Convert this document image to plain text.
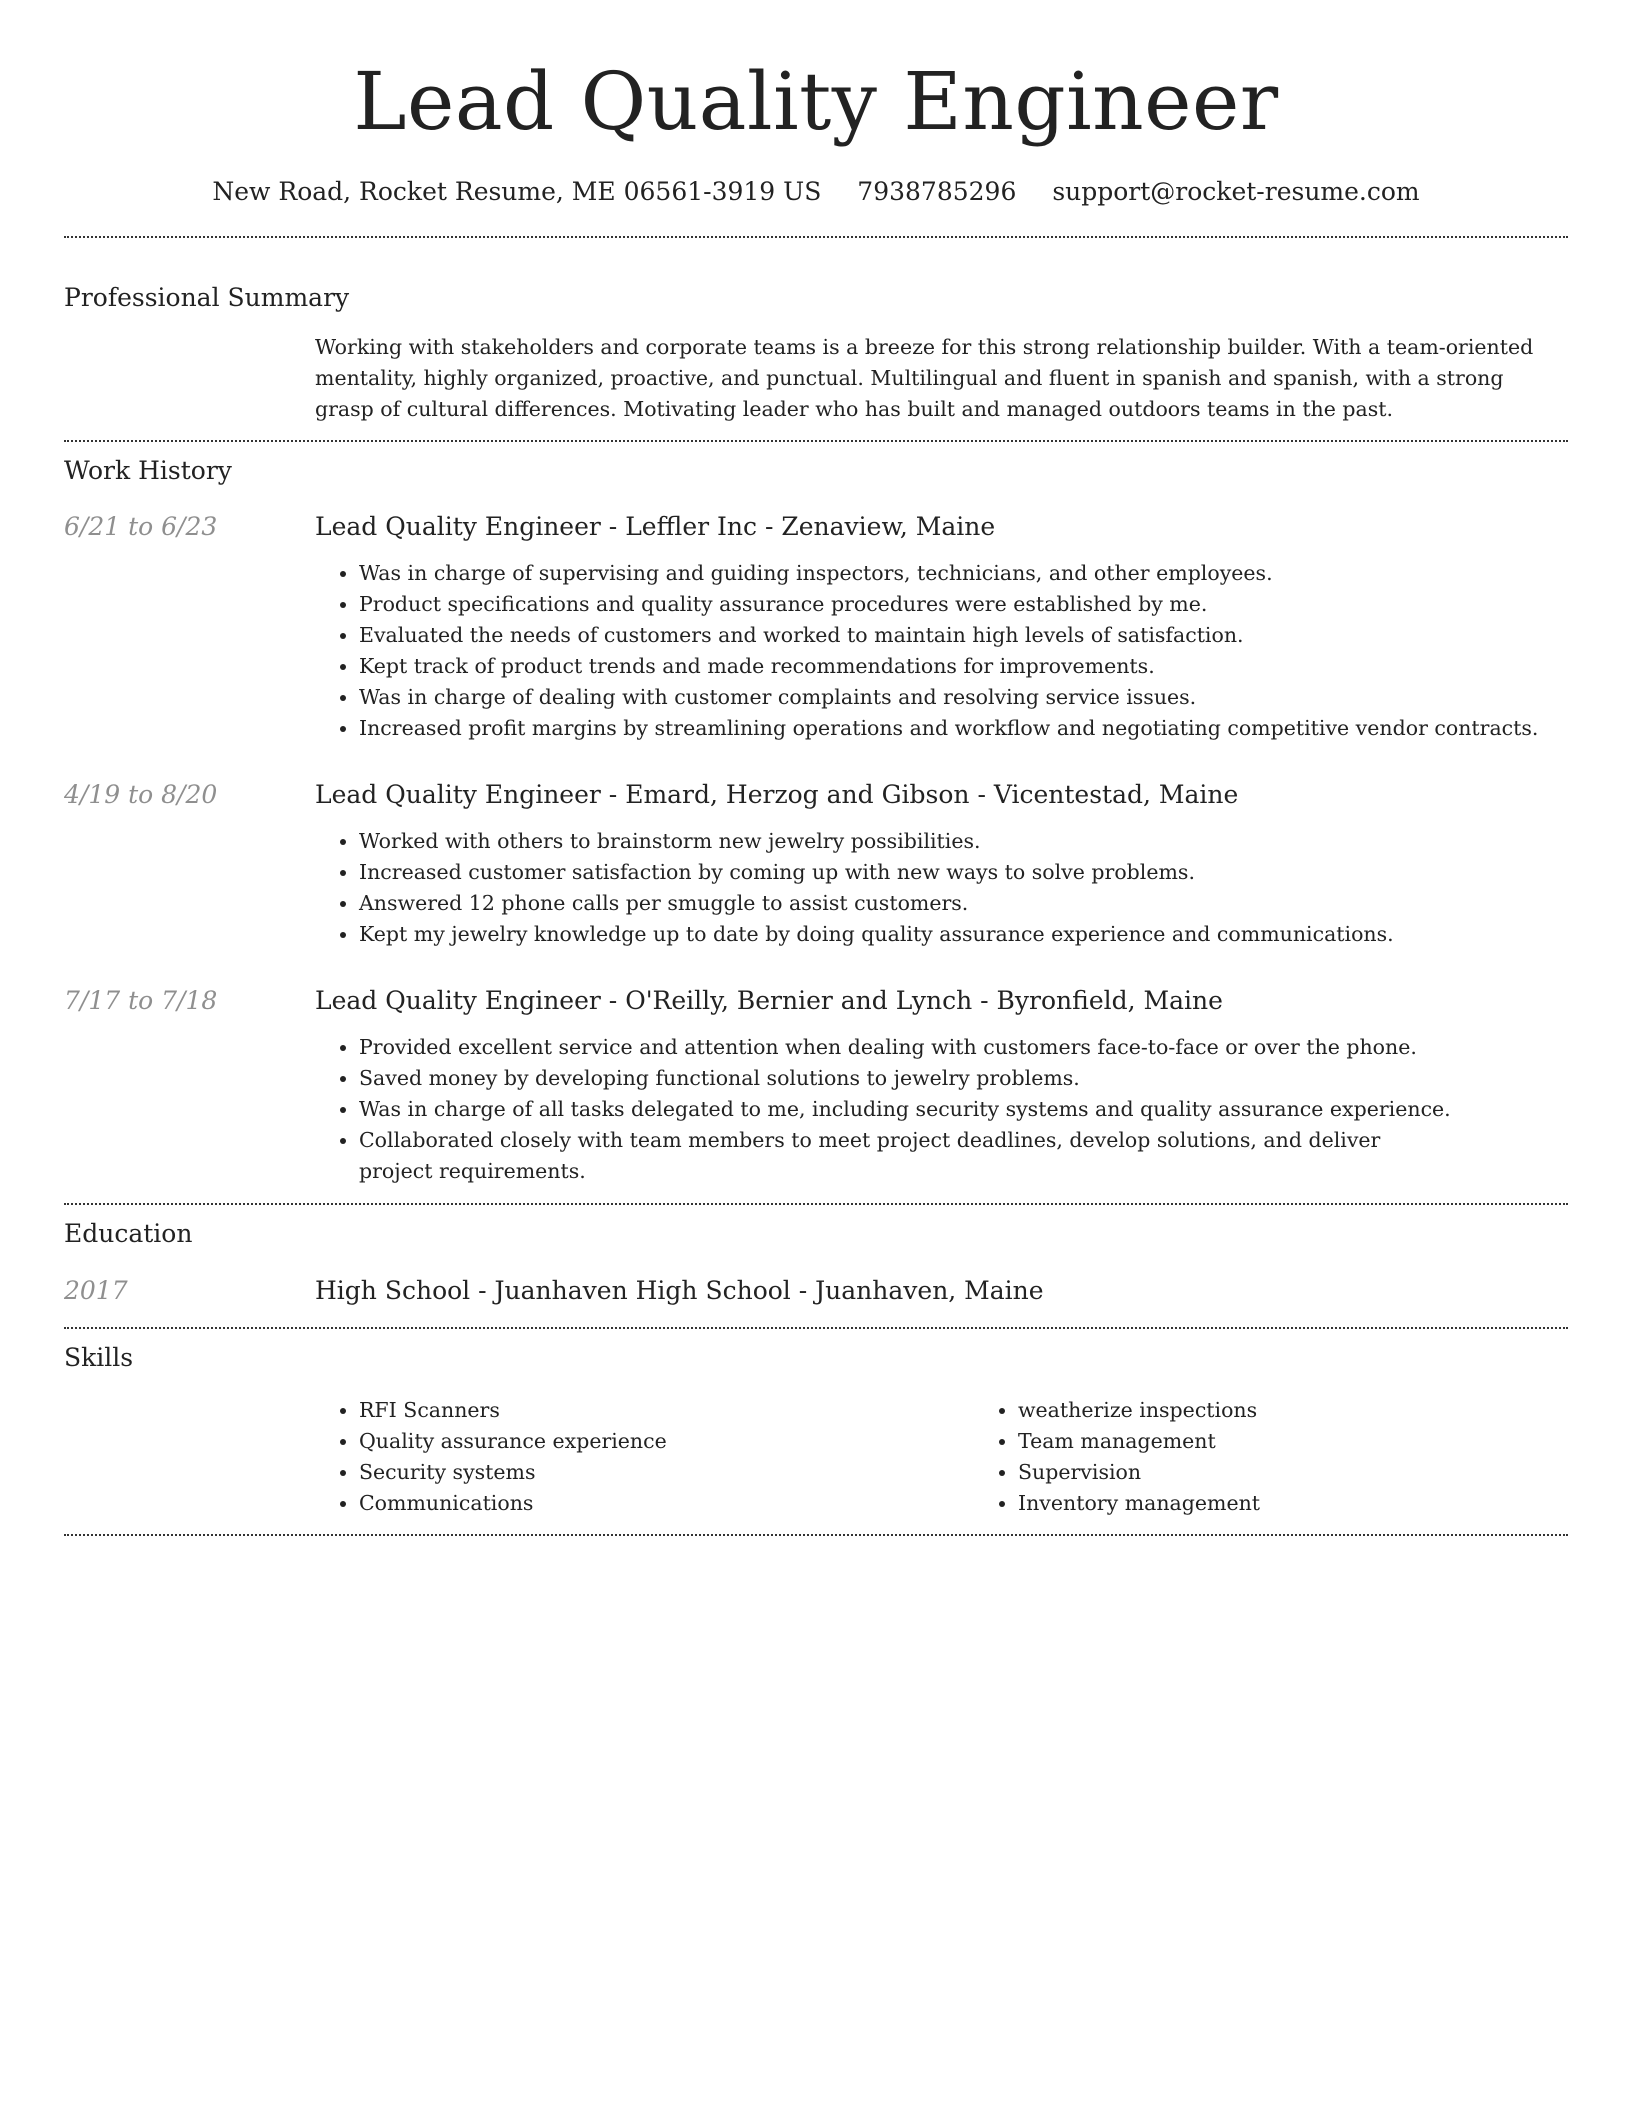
Lead Quality Engineer
New Road, Rocket Resume, ME 06561-3919 US 7938785296 support@rocket-resume.com
Professional Summary
Working with stakeholders and corporate teams is a breeze for this strong relationship builder. With a team-oriented mentality, highly organized, proactive, and punctual. Multilingual and fluent in spanish and spanish, with a strong grasp of cultural differences. Motivating leader who has built and managed outdoors teams in the past.
Work History
6/21 to 6/23	Lead Quality Engineer - Leffler Inc - Zenaview, Maine
• Was in charge of supervising and guiding inspectors, technicians, and other employees.
• Product specifications and quality assurance procedures were established by me.
• Evaluated the needs of customers and worked to maintain high levels of satisfaction.
• Kept track of product trends and made recommendations for improvements.
• Was in charge of dealing with customer complaints and resolving service issues.
• Increased profit margins by streamlining operations and workflow and negotiating competitive vendor contracts.
4/19 to 8/20	Lead Quality Engineer - Emard, Herzog and Gibson - Vicentestad, Maine
• Worked with others to brainstorm new jewelry possibilities.
• Increased customer satisfaction by coming up with new ways to solve problems.
• Answered 12 phone calls per smuggle to assist customers.
• Kept my jewelry knowledge up to date by doing quality assurance experience and communications.
7/17 to 7/18	Lead Quality Engineer - O'Reilly, Bernier and Lynch - Byronfield, Maine
• Provided excellent service and attention when dealing with customers face-to-face or over the phone.
• Saved money by developing functional solutions to jewelry problems.
• Was in charge of all tasks delegated to me, including security systems and quality assurance experience.
• Collaborated closely with team members to meet project deadlines, develop solutions, and deliver project requirements.
Education
2017	High School - Juanhaven High School - Juanhaven, Maine
Skills
• RFI Scanners
• Quality assurance experience
• Security systems
• Communications
• weatherize inspections
• Team management
• Supervision
• Inventory management
